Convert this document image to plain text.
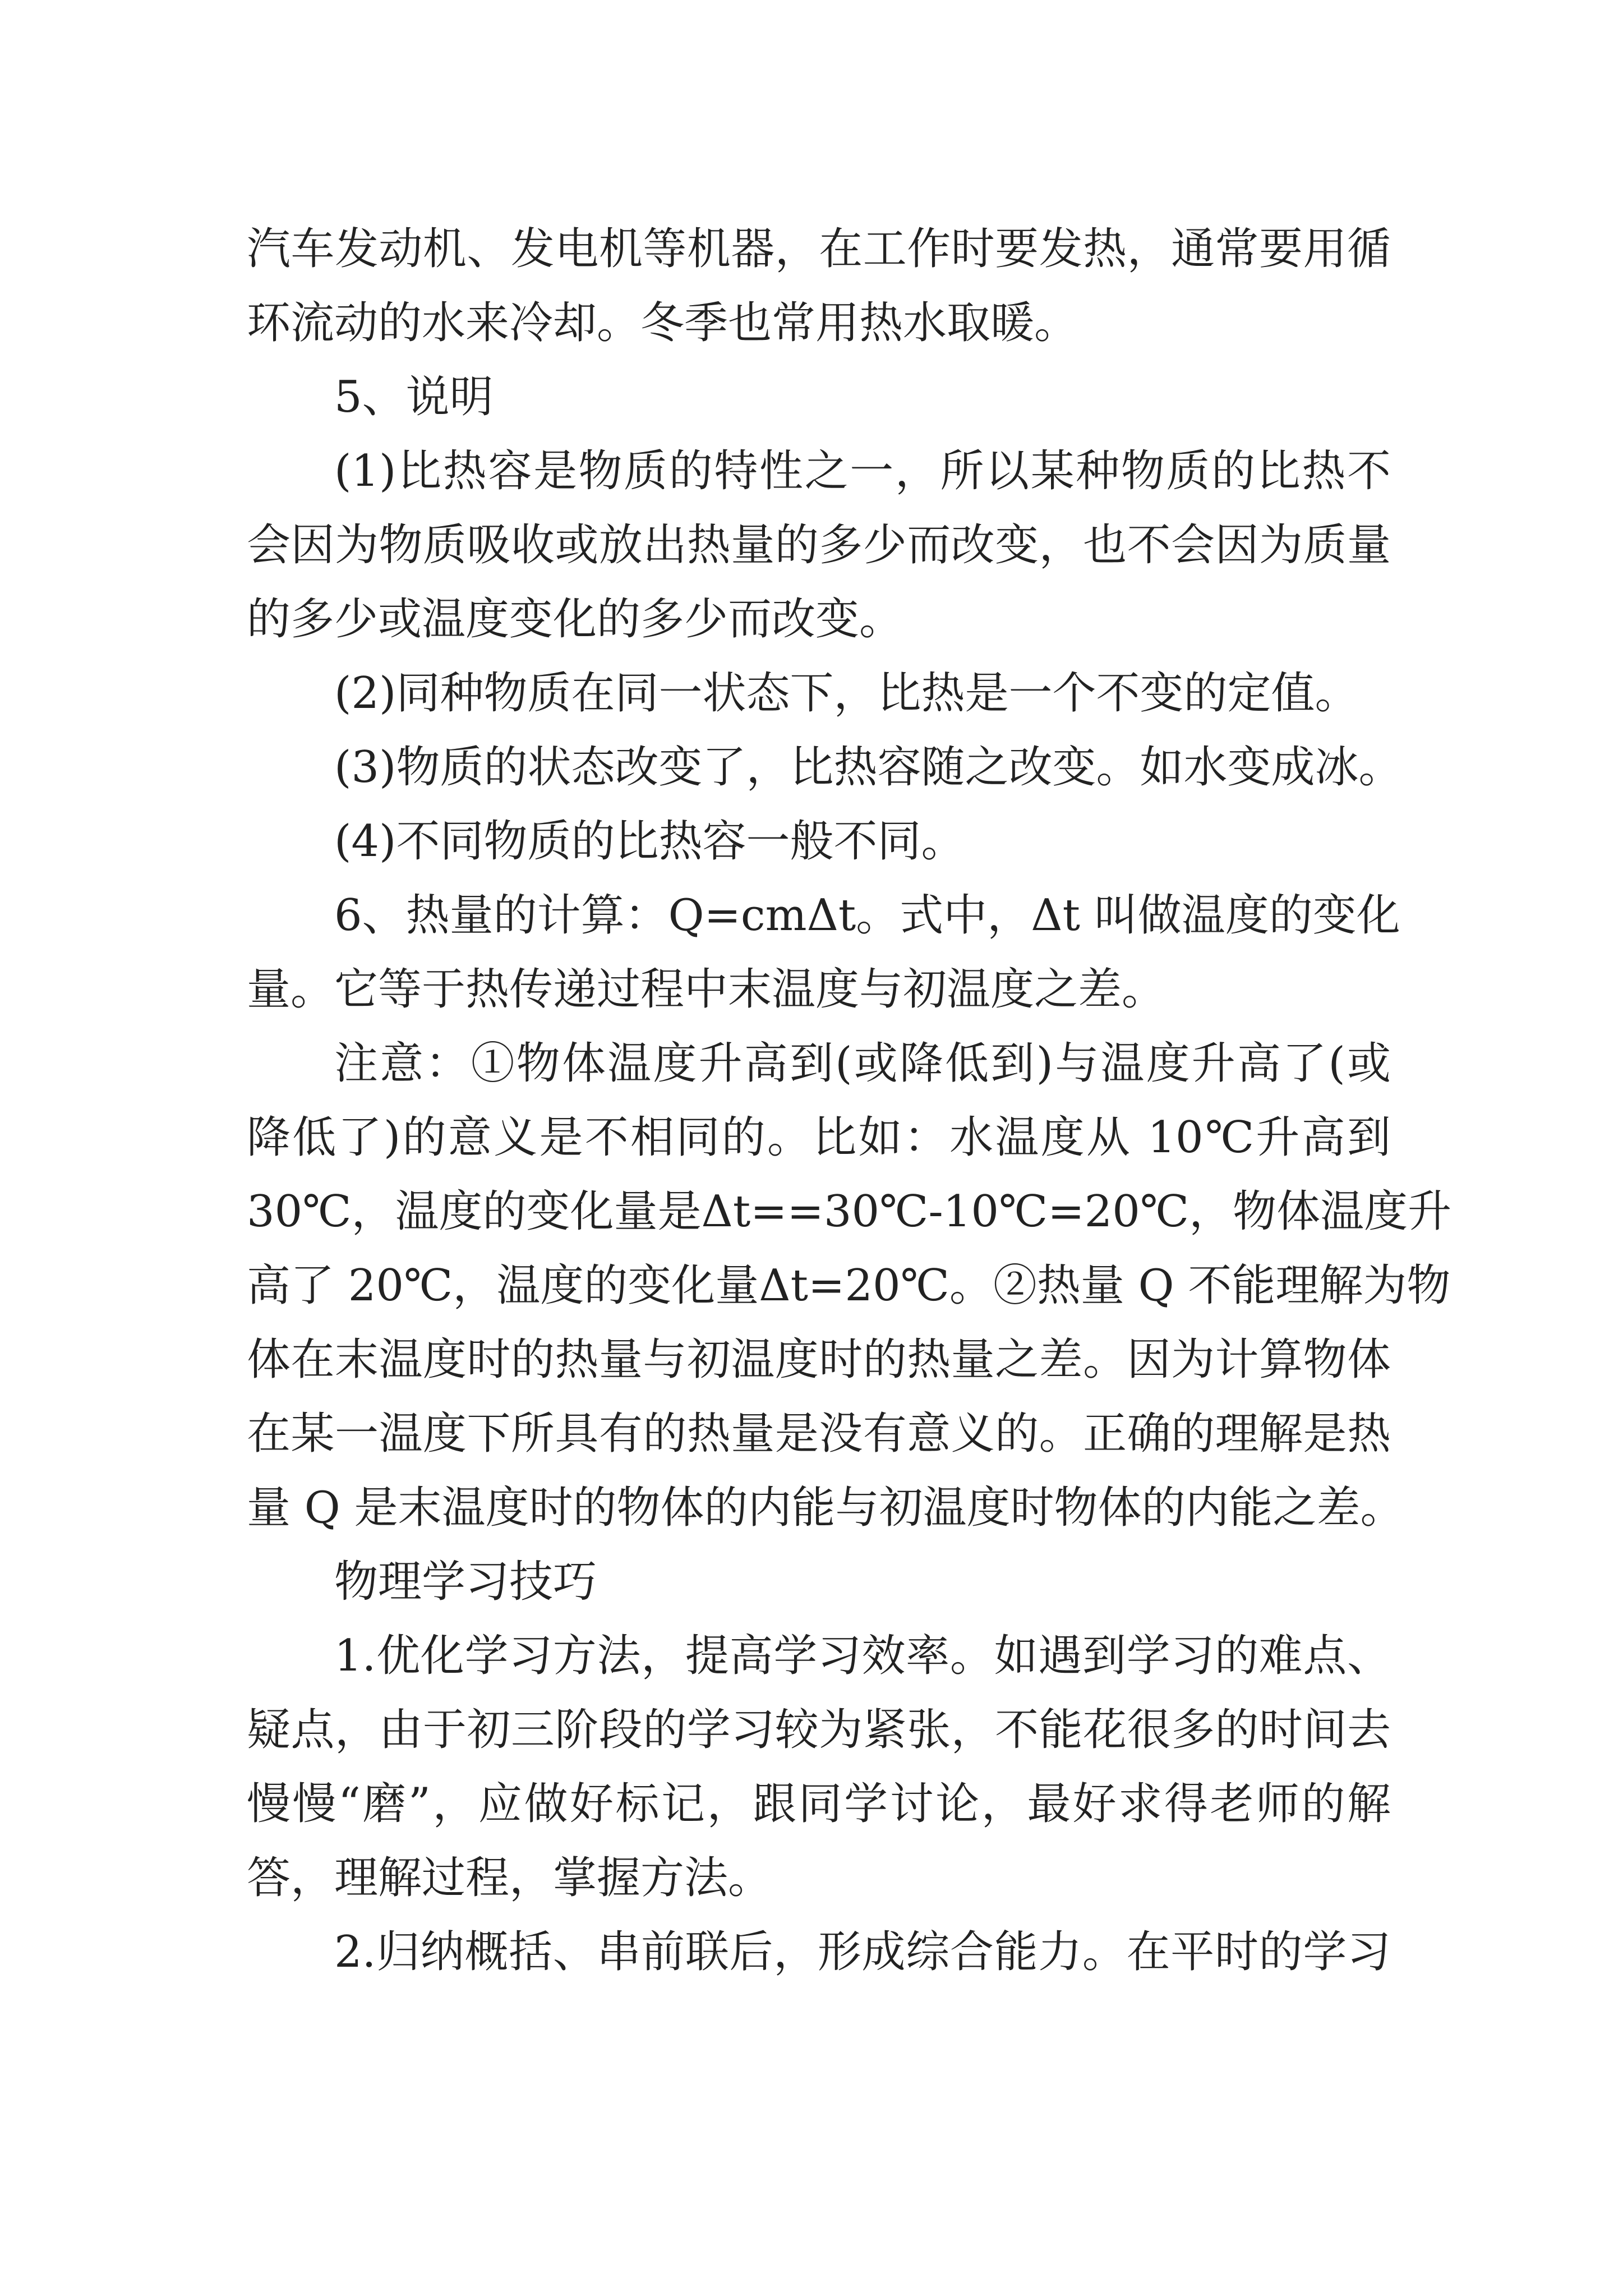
汽车发动机、发电机等机器，在工作时要发热，通常要用循
环流动的水来冷却。冬季也常用热水取暖。
5、说明
(1)比热容是物质的特性之一，所以某种物质的比热不
会因为物质吸收或放出热量的多少而改变，也不会因为质量
的多少或温度变化的多少而改变。
(2)同种物质在同一状态下，比热是一个不变的定值。
(3)物质的状态改变了，比热容随之改变。如水变成冰。
(4)不同物质的比热容一般不同。
6、热量的计算：Q=cmΔt。式中，Δt 叫做温度的变化
量。它等于热传递过程中末温度与初温度之差。
注意：①物体温度升高到(或降低到)与温度升高了(或
降低了)的意义是不相同的。比如：水温度从 10℃升高到
30℃，温度的变化量是Δt==30℃-10℃=20℃，物体温度升
高了 20℃，温度的变化量Δt=20℃。②热量 Q 不能理解为物
体在末温度时的热量与初温度时的热量之差。因为计算物体
在某一温度下所具有的热量是没有意义的。正确的理解是热
量 Q 是末温度时的物体的内能与初温度时物体的内能之差。
物理学习技巧
1.优化学习方法，提高学习效率。如遇到学习的难点、
疑点，由于初三阶段的学习较为紧张，不能花很多的时间去
慢慢“磨”，应做好标记，跟同学讨论，最好求得老师的解
答，理解过程，掌握方法。
2.归纳概括、串前联后，形成综合能力。在平时的学习
